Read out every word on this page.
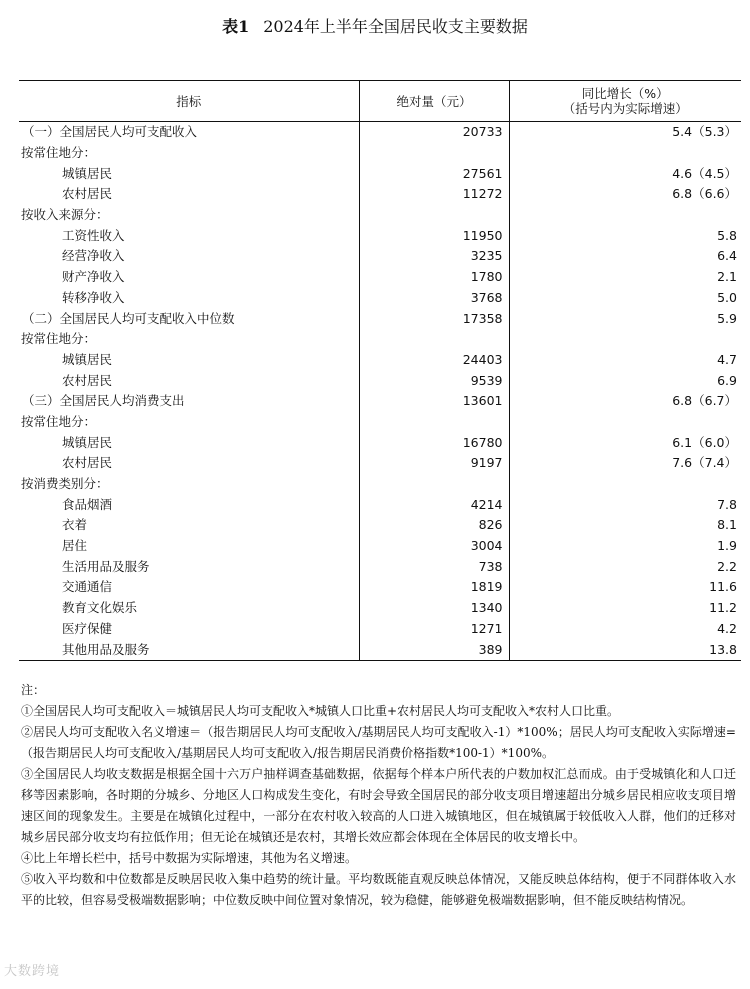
表1 2024年上半年全国居民收支主要数据
指标	绝对量（元）	同比增长（%）
（括号内为实际增速）

（一）全国居民人均可支配收入	20733	5.4（5.3）
按常住地分：		
城镇居民	27561	4.6（4.5）
农村居民	11272	6.8（6.6）
按收入来源分：		
工资性收入	11950	5.8
经营净收入	3235	6.4
财产净收入	1780	2.1
转移净收入	3768	5.0
（二）全国居民人均可支配收入中位数	17358	5.9
按常住地分：		
城镇居民	24403	4.7
农村居民	9539	6.9
（三）全国居民人均消费支出	13601	6.8（6.7）
按常住地分：		
城镇居民	16780	6.1（6.0）
农村居民	9197	7.6（7.4）
按消费类别分：		
食品烟酒	4214	7.8
衣着	826	8.1
居住	3004	1.9
生活用品及服务	738	2.2
交通通信	1819	11.6
教育文化娱乐	1340	11.2
医疗保健	1271	4.2
其他用品及服务	389	13.8

注：

①全国居民人均可支配收入＝城镇居民人均可支配收入*城镇人口比重+农村居民人均可支配收入*农村人口比重。

②居民人均可支配收入名义增速＝（报告期居民人均可支配收入/基期居民人均可支配收入-1）*100%；居民人均可支配收入实际增速=（报告期居民人均可支配收入/基期居民人均可支配收入/报告期居民消费价格指数*100-1）*100%。

③全国居民人均收支数据是根据全国十六万户抽样调查基础数据，依据每个样本户所代表的户数加权汇总而成。由于受城镇化和人口迁移等因素影响，各时期的分城乡、分地区人口构成发生变化，有时会导致全国居民的部分收支项目增速超出分城乡居民相应收支项目增速区间的现象发生。主要是在城镇化过程中，一部分在农村收入较高的人口进入城镇地区，但在城镇属于较低收入人群，他们的迁移对城乡居民部分收支均有拉低作用；但无论在城镇还是农村，其增长效应都会体现在全体居民的收支增长中。

④比上年增长栏中，括号中数据为实际增速，其他为名义增速。

⑤收入平均数和中位数都是反映居民收入集中趋势的统计量。平均数既能直观反映总体情况，又能反映总体结构，便于不同群体收入水平的比较，但容易受极端数据影响；中位数反映中间位置对象情况，较为稳健，能够避免极端数据影响，但不能反映结构情况。

大数跨境
